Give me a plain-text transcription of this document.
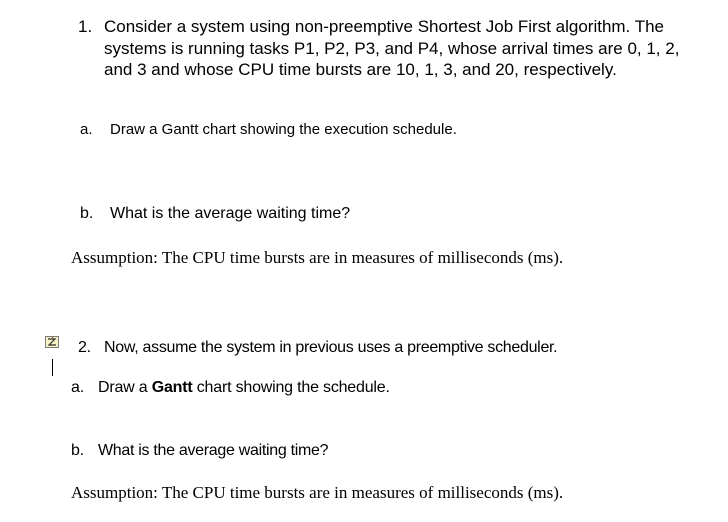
1. Consider a system using non-preemptive Shortest Job First algorithm. The
systems is running tasks P1, P2, P3, and P4, whose arrival times are 0, 1, 2,
and 3 and whose CPU time bursts are 10, 1, 3, and 20, respectively.
a. Draw a Gantt chart showing the execution schedule.
b. What is the average waiting time?
Assumption: The CPU time bursts are in measures of milliseconds (ms).
2. Now, assume the system in previous uses a preemptive scheduler.
a. Draw a Gantt chart showing the schedule.
b. What is the average waiting time?
Assumption: The CPU time bursts are in measures of milliseconds (ms).
